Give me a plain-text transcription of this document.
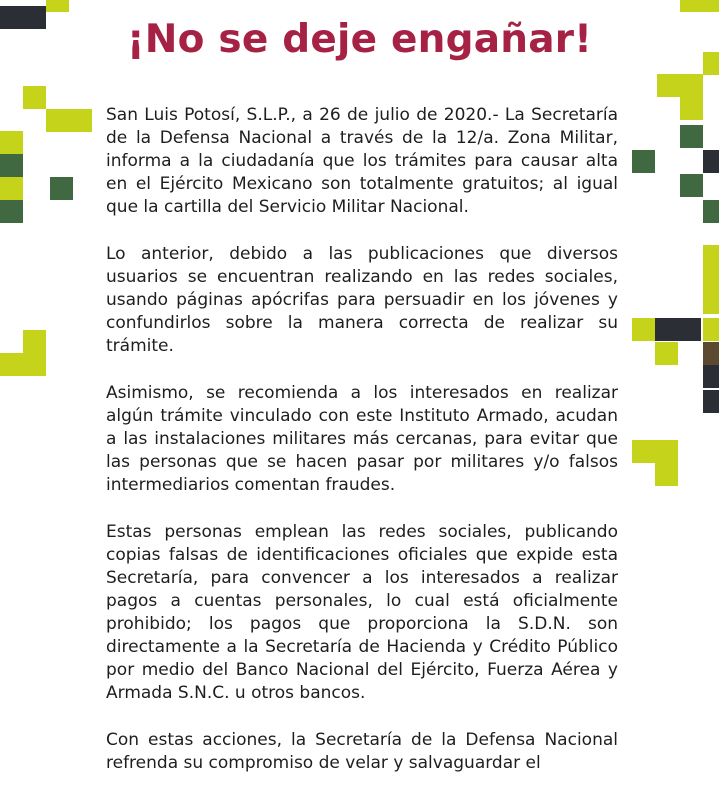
¡No se deje engañar!

San Luis Potosí, S.L.P., a 26 de julio de 2020.- La Secretaría de la Defensa Nacional a través de la 12/a. Zona Militar, informa a la ciudadanía que los trámites para causar alta en el Ejército Mexicano son totalmente gratuitos; al igual que la cartilla del Servicio Militar Nacional.

Lo anterior, debido a las publicaciones que diversos usuarios se encuentran realizando en las redes sociales, usando páginas apócrifas para persuadir en los jóvenes y confundirlos sobre la manera correcta de realizar su trámite.

Asimismo, se recomienda a los interesados en realizar algún trámite vinculado con este Instituto Armado, acudan a las instalaciones militares más cercanas, para evitar que las personas que se hacen pasar por militares y/o falsos intermediarios comentan fraudes.

Estas personas emplean las redes sociales, publicando copias falsas de identificaciones oficiales que expide esta Secretaría, para convencer a los interesados a realizar pagos a cuentas personales, lo cual está oficialmente prohibido; los pagos que proporciona la S.D.N. son directamente a la Secretaría de Hacienda y Crédito Público por medio del Banco Nacional del Ejército, Fuerza Aérea y Armada S.N.C. u otros bancos.

Con estas acciones, la Secretaría de la Defensa Nacional refrenda su compromiso de velar y salvaguardar el
